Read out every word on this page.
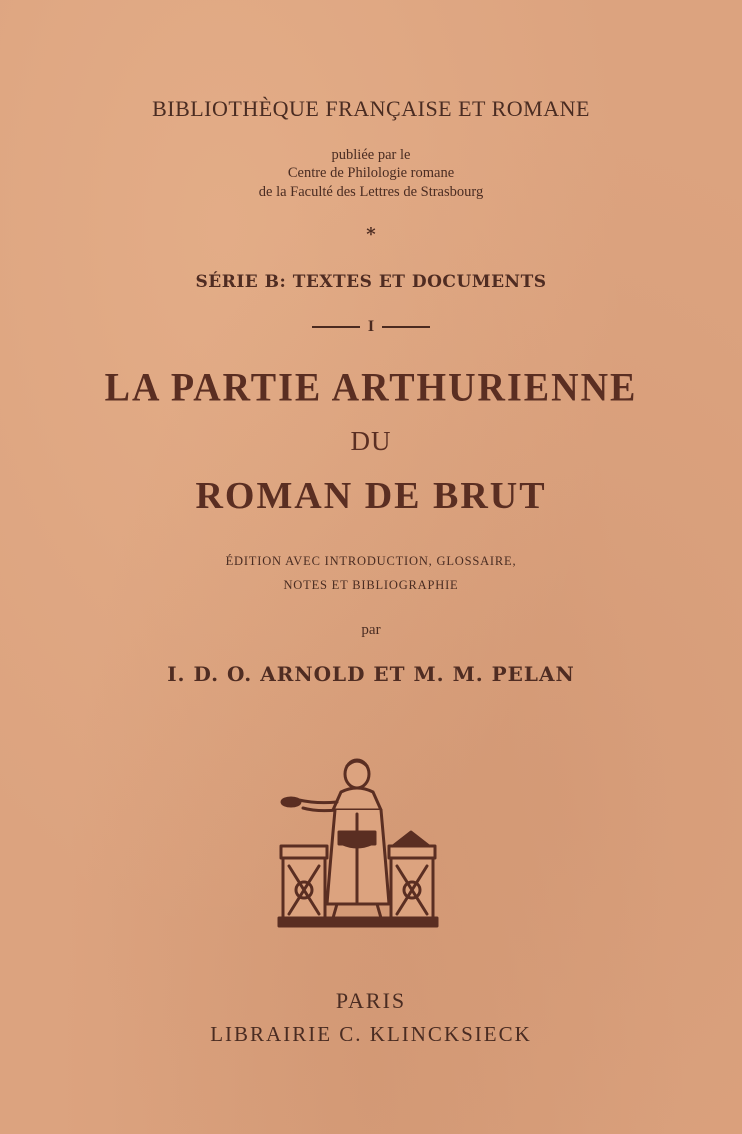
BIBLIOTHÈQUE FRANÇAISE ET ROMANE
publiée par le
Centre de Philologie romane
de la Faculté des Lettres de Strasbourg
*
SÉRIE B: TEXTES ET DOCUMENTS
I
LA PARTIE ARTHURIENNE
DU
ROMAN DE BRUT
ÉDITION AVEC INTRODUCTION, GLOSSAIRE,
NOTES ET BIBLIOGRAPHIE
par
I. D. O. ARNOLD ET M. M. PELAN
PARIS
LIBRAIRIE C. KLINCKSIECK
